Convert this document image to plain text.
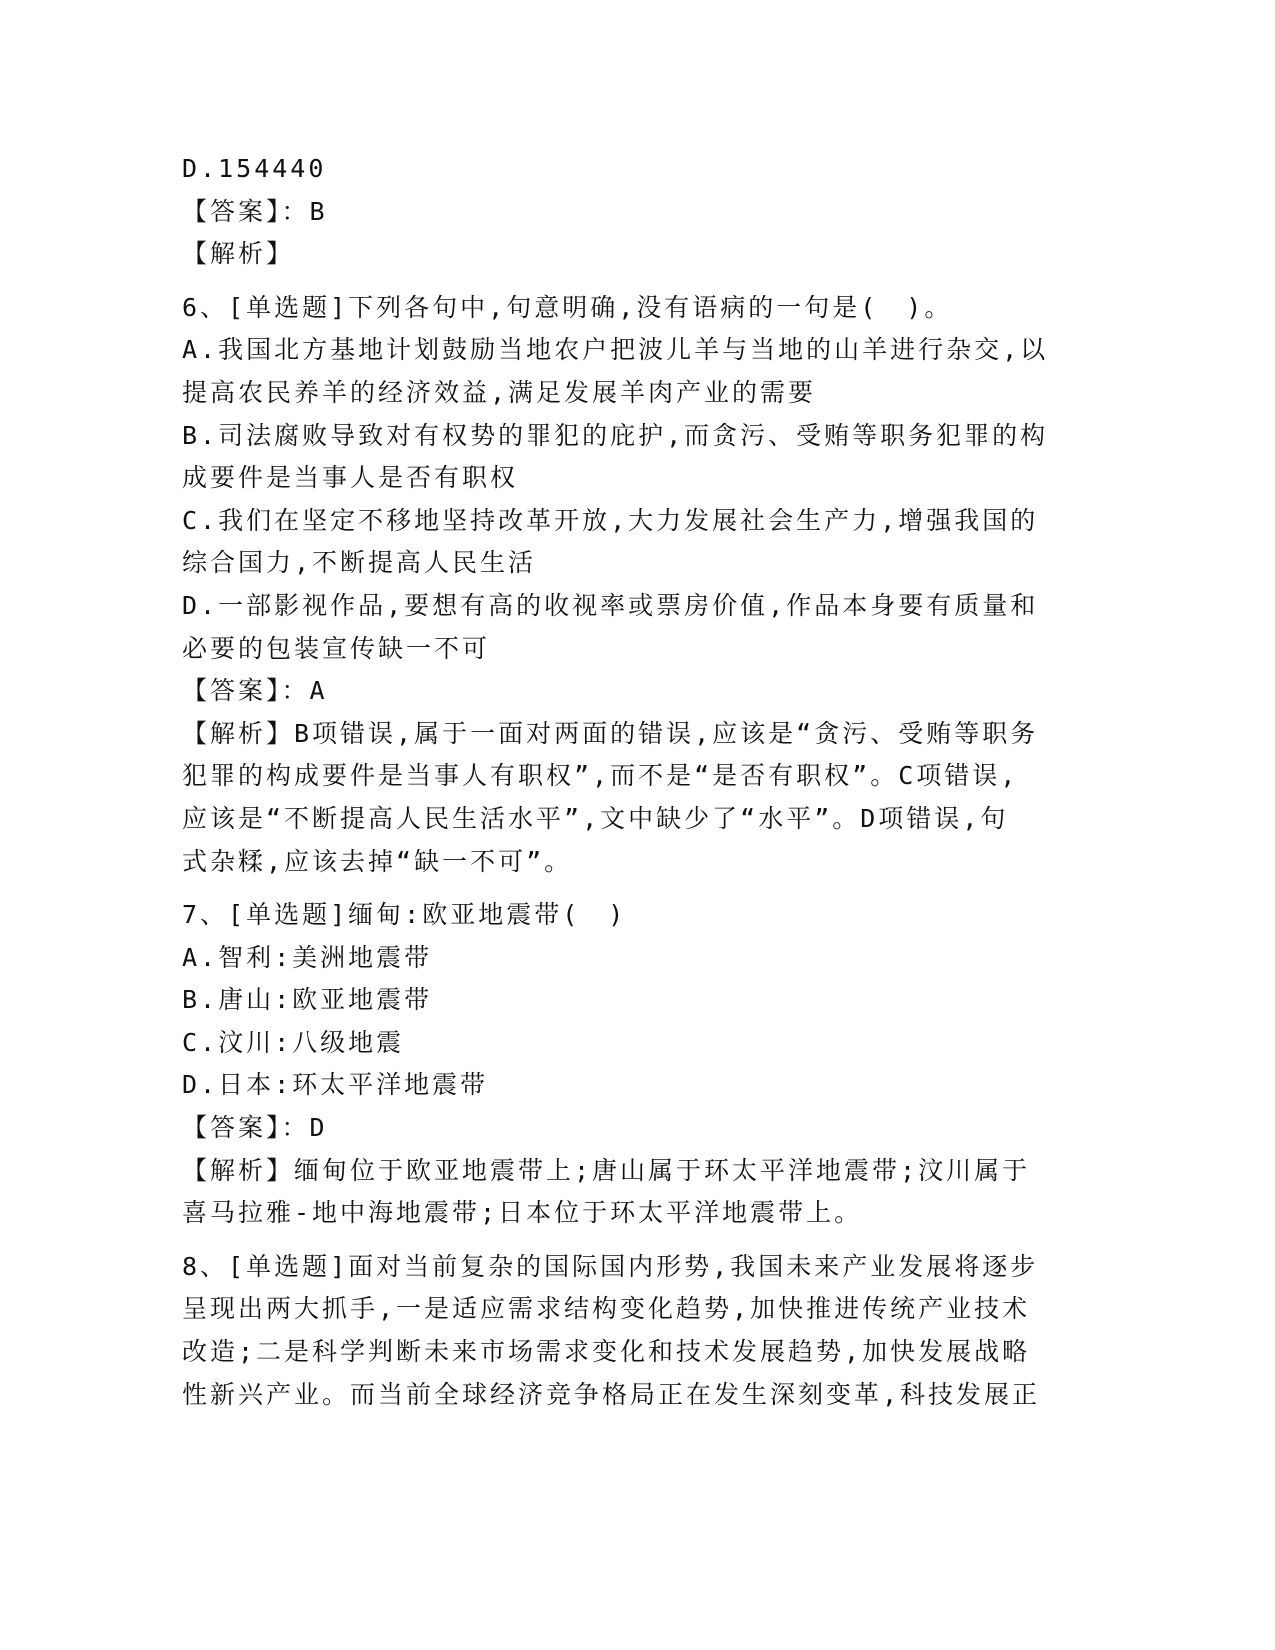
D.154440
【答案】：B
【解析】
6、[单选题]下列各句中,句意明确,没有语病的一句是(　)。
A.我国北方基地计划鼓励当地农户把波儿羊与当地的山羊进行杂交,以
提高农民养羊的经济效益,满足发展羊肉产业的需要
B.司法腐败导致对有权势的罪犯的庇护,而贪污、受贿等职务犯罪的构
成要件是当事人是否有职权
C.我们在坚定不移地坚持改革开放,大力发展社会生产力,增强我国的
综合国力,不断提高人民生活
D.一部影视作品,要想有高的收视率或票房价值,作品本身要有质量和
必要的包装宣传缺一不可
【答案】：A
【解析】B项错误,属于一面对两面的错误,应该是“贪污、受贿等职务
犯罪的构成要件是当事人有职权”,而不是“是否有职权”。C项错误,
应该是“不断提高人民生活水平”,文中缺少了“水平”。D项错误,句
式杂糅,应该去掉“缺一不可”。
7、[单选题]缅甸:欧亚地震带(　)
A.智利:美洲地震带
B.唐山:欧亚地震带
C.汶川:八级地震
D.日本:环太平洋地震带
【答案】：D
【解析】缅甸位于欧亚地震带上;唐山属于环太平洋地震带;汶川属于
喜马拉雅-地中海地震带;日本位于环太平洋地震带上。
8、[单选题]面对当前复杂的国际国内形势,我国未来产业发展将逐步
呈现出两大抓手,一是适应需求结构变化趋势,加快推进传统产业技术
改造;二是科学判断未来市场需求变化和技术发展趋势,加快发展战略
性新兴产业。而当前全球经济竞争格局正在发生深刻变革,科技发展正
